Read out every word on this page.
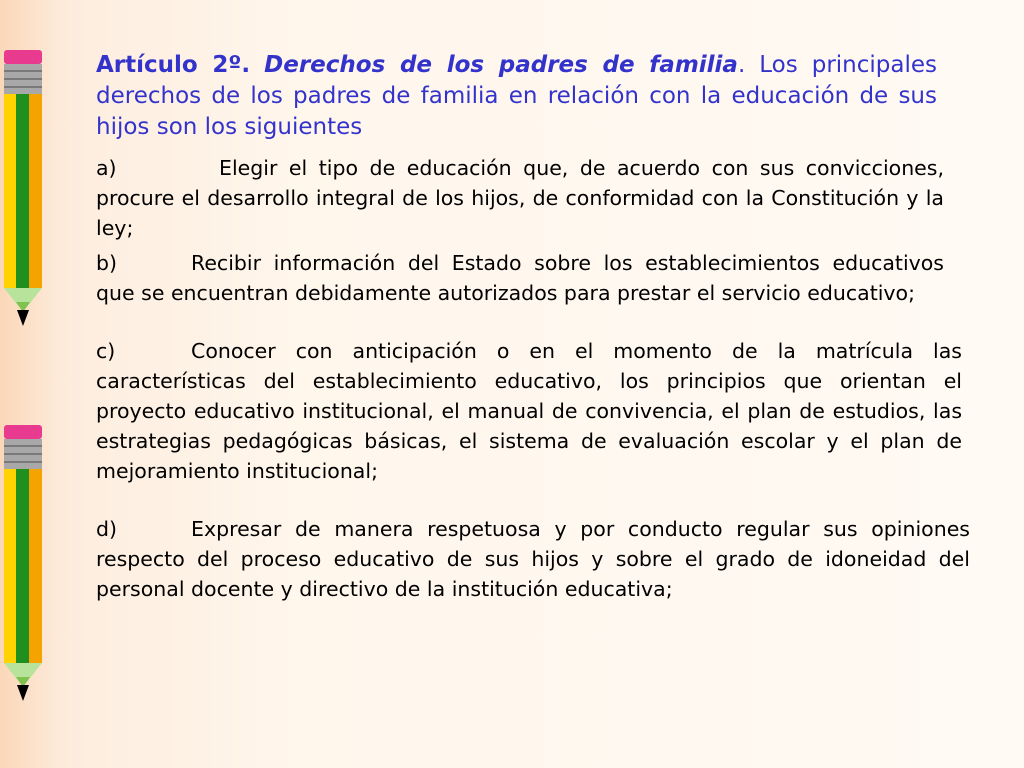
Artículo 2º. Derechos de los padres de familia. Los principales derechos de los padres de familia en relación con la educación de sus hijos son los siguientes

a)	Elegir el tipo de educación que, de acuerdo con sus convicciones, procure el desarrollo integral de los hijos, de conformidad con la Constitución y la ley;

b)	Recibir información del Estado sobre los establecimientos educativos que se encuentran debidamente autorizados para prestar el servicio educativo;

c)	Conocer con anticipación o en el momento de la matrícula las características del establecimiento educativo, los principios que orientan el proyecto educativo institucional, el manual de convivencia, el plan de estudios, las estrategias pedagógicas básicas, el sistema de evaluación escolar y el plan de mejoramiento institucional;

d)	Expresar de manera respetuosa y por conducto regular sus opiniones respecto del proceso educativo de sus hijos y sobre el grado de idoneidad del personal docente y directivo de la institución educativa;
